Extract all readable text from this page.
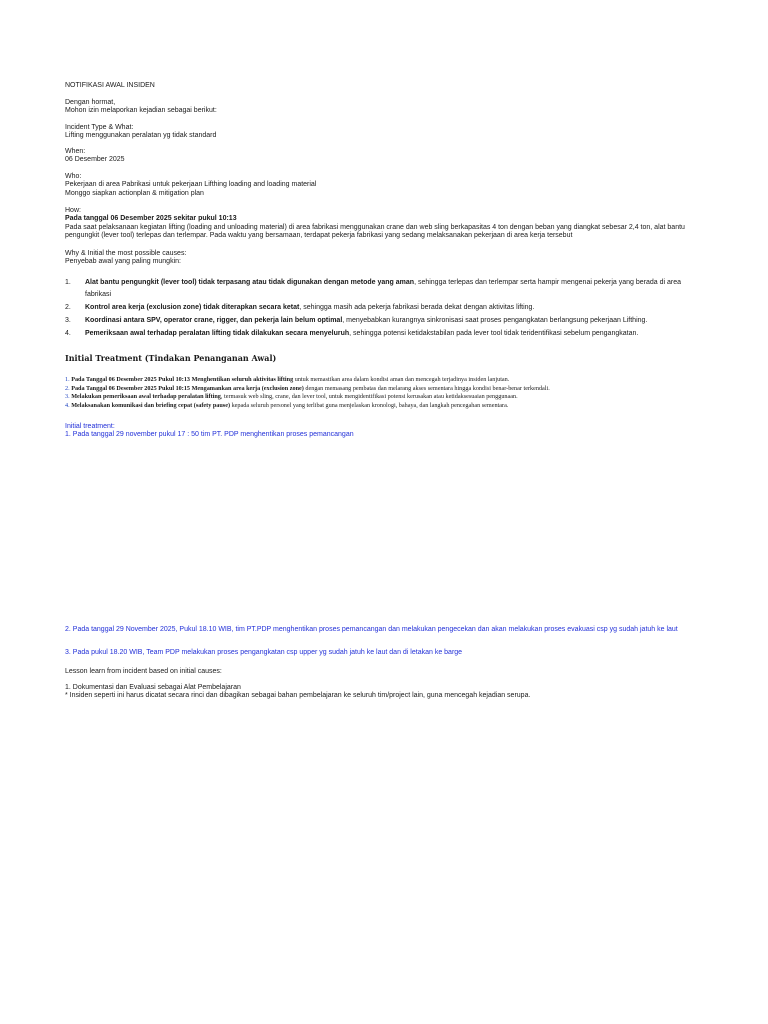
NOTIFIKASI AWAL INSIDEN

Dengan hormat,

Mohon izin melaporkan kejadian sebagai berikut:

Incident Type & What:

Lifting menggunakan peralatan yg tidak standard

When:

06 Desember 2025

Who:

Pekerjaan di area Pabrikasi untuk pekerjaan Lifthing loading and loading material

Monggo siapkan actionplan & mitigation plan

How:

Pada tanggal 06 Desember 2025 sekitar pukul 10:13

Pada saat pelaksanaan kegiatan lifting (loading and unloading material) di area fabrikasi menggunakan crane dan web sling berkapasitas 4 ton dengan beban yang diangkat sebesar 2,4 ton, alat bantu pengungkit (lever tool) terlepas dan terlempar. Pada waktu yang bersamaan, terdapat pekerja fabrikasi yang sedang melaksanakan pekerjaan di area kerja tersebut

Why & Initial the most possible causes:

Penyebab awal yang paling mungkin:

1. Alat bantu pengungkit (lever tool) tidak terpasang atau tidak digunakan dengan metode yang aman, sehingga terlepas dan terlempar serta hampir mengenai pekerja yang berada di area fabrikasi
2. Kontrol area kerja (exclusion zone) tidak diterapkan secara ketat, sehingga masih ada pekerja fabrikasi berada dekat dengan aktivitas lifting.
3. Koordinasi antara SPV, operator crane, rigger, dan pekerja lain belum optimal, menyebabkan kurangnya sinkronisasi saat proses pengangkatan berlangsung pekerjaan Lifthing.
4. Pemeriksaan awal terhadap peralatan lifting tidak dilakukan secara menyeluruh, sehingga potensi ketidakstabilan pada lever tool tidak teridentifikasi sebelum pengangkatan.
Initial Treatment (Tindakan Penanganan Awal)
1. Pada Tanggal 06 Desember 2025 Pukul 10:13 Menghentikan seluruh aktivitas lifting untuk memastikan area dalam kondisi aman dan mencegah terjadinya insiden lanjutan.
2. Pada Tanggal 06 Desember 2025 Pukul 10:15 Mengamankan area kerja (exclusion zone) dengan memasang pembatas dan melarang akses sementara hingga kondisi benar-benar terkendali.
3. Melakukan pemeriksaan awal terhadap peralatan lifting, termasuk web sling, crane, dan lever tool, untuk mengidentifikasi potensi kerusakan atau ketidaksesuaian penggunaan.
4. Melaksanakan komunikasi dan briefing cepat (safety pause) kepada seluruh personel yang terlibat guna menjelaskan kronologi, bahaya, dan langkah pencegahan sementara.

Initial treatment:

1. Pada tanggal 29 november pukul 17 : 50 tim PT. PDP menghentikan proses pemancangan

2. Pada tanggal 29 November 2025, Pukul 18.10 WIB, tim PT.PDP menghentikan proses pemancangan dan melakukan pengecekan dan akan melakukan proses evakuasi csp yg sudah jatuh ke laut

3. Pada pukul 18.20 WIB, Team PDP melakukan proses pengangkatan csp upper yg sudah jatuh ke laut dan di letakan ke barge

Lesson learn from incident based on initial causes:

1. Dokumentasi dan Evaluasi sebagai Alat Pembelajaran

* Insiden seperti ini harus dicatat secara rinci dan dibagikan sebagai bahan pembelajaran ke seluruh tim/project lain, guna mencegah kejadian serupa.
